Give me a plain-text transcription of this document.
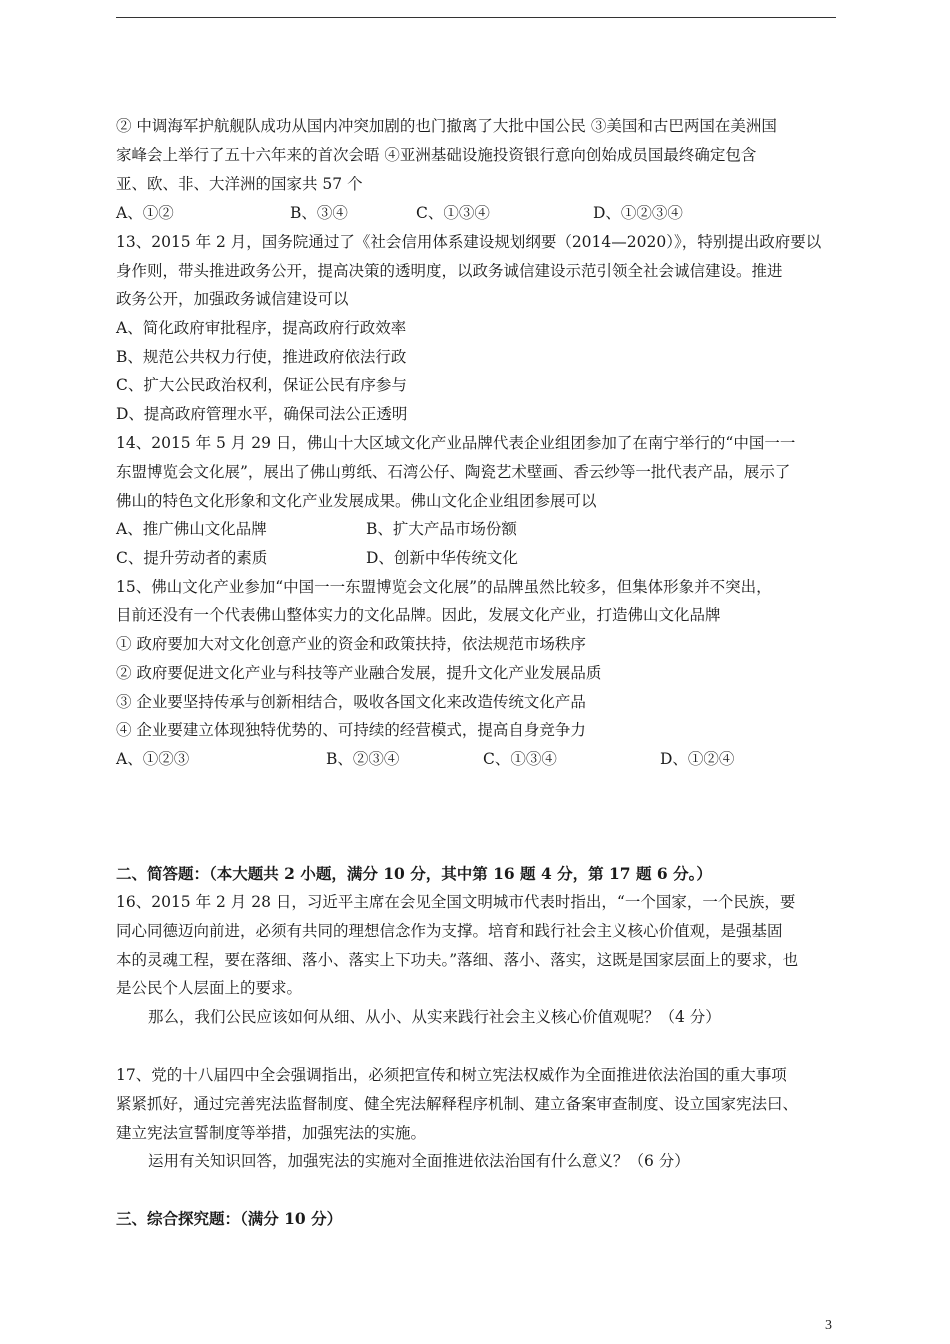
② 中调海军护航舰队成功从国内冲突加剧的也门撤离了大批中国公民 ③美国和古巴两国在美洲国
家峰会上举行了五十六年来的首次会晤 ④亚洲基础设施投资银行意向创始成员国最终确定包含
亚、欧、非、大洋洲的国家共 57 个
A、①②	B、③④	C、①③④	D、①②③④
13、2015 年 2 月，国务院通过了《社会信用体系建设规划纲要（2014—2020）》，特别提出政府要以
身作则，带头推进政务公开，提高决策的透明度，以政务诚信建设示范引领全社会诚信建设。推进
政务公开，加强政务诚信建设可以
A、简化政府审批程序，提高政府行政效率
B、规范公共权力行使，推进政府依法行政
C、扩大公民政治权利，保证公民有序参与
D、提高政府管理水平，确保司法公正透明
14、2015 年 5 月 29 日，佛山十大区域文化产业品牌代表企业组团参加了在南宁举行的“中国一一
东盟博览会文化展”，展出了佛山剪纸、石湾公仔、陶瓷艺术壁画、香云纱等一批代表产品，展示了
佛山的特色文化形象和文化产业发展成果。佛山文化企业组团参展可以
A、推广佛山文化品牌	B、扩大产品市场份额
C、提升劳动者的素质	D、创新中华传统文化
15、佛山文化产业参加“中国一一东盟博览会文化展”的品牌虽然比较多，但集体形象并不突出，
目前还没有一个代表佛山整体实力的文化品牌。因此，发展文化产业，打造佛山文化品牌
① 政府要加大对文化创意产业的资金和政策扶持，依法规范市场秩序
② 政府要促进文化产业与科技等产业融合发展，提升文化产业发展品质
③ 企业要坚持传承与创新相结合，吸收各国文化来改造传统文化产品
④ 企业要建立体现独特优势的、可持续的经营模式，提高自身竞争力
A、①②③	B、②③④	C、①③④	D、①②④
二、简答题：（本大题共 2 小题，满分 10 分，其中第 16 题 4 分，第 17 题 6 分。）
16、2015 年 2 月 28 日，习近平主席在会见全国文明城市代表时指出，“一个国家，一个民族，要
同心同德迈向前进，必须有共同的理想信念作为支撑。培育和践行社会主义核心价值观，是强基固
本的灵魂工程，要在落细、落小、落实上下功夫。”落细、落小、落实，这既是国家层面上的要求，也
是公民个人层面上的要求。
那么，我们公民应该如何从细、从小、从实来践行社会主义核心价值观呢？（4 分）
17、党的十八届四中全会强调指出，必须把宣传和树立宪法权威作为全面推进依法治国的重大事项
紧紧抓好，通过完善宪法监督制度、健全宪法解释程序机制、建立备案审查制度、设立国家宪法曰、
建立宪法宣誓制度等举措，加强宪法的实施。
运用有关知识回答，加强宪法的实施对全面推进依法治国有什么意义？（6 分）
三、综合探究题：（满分 10 分）
3
